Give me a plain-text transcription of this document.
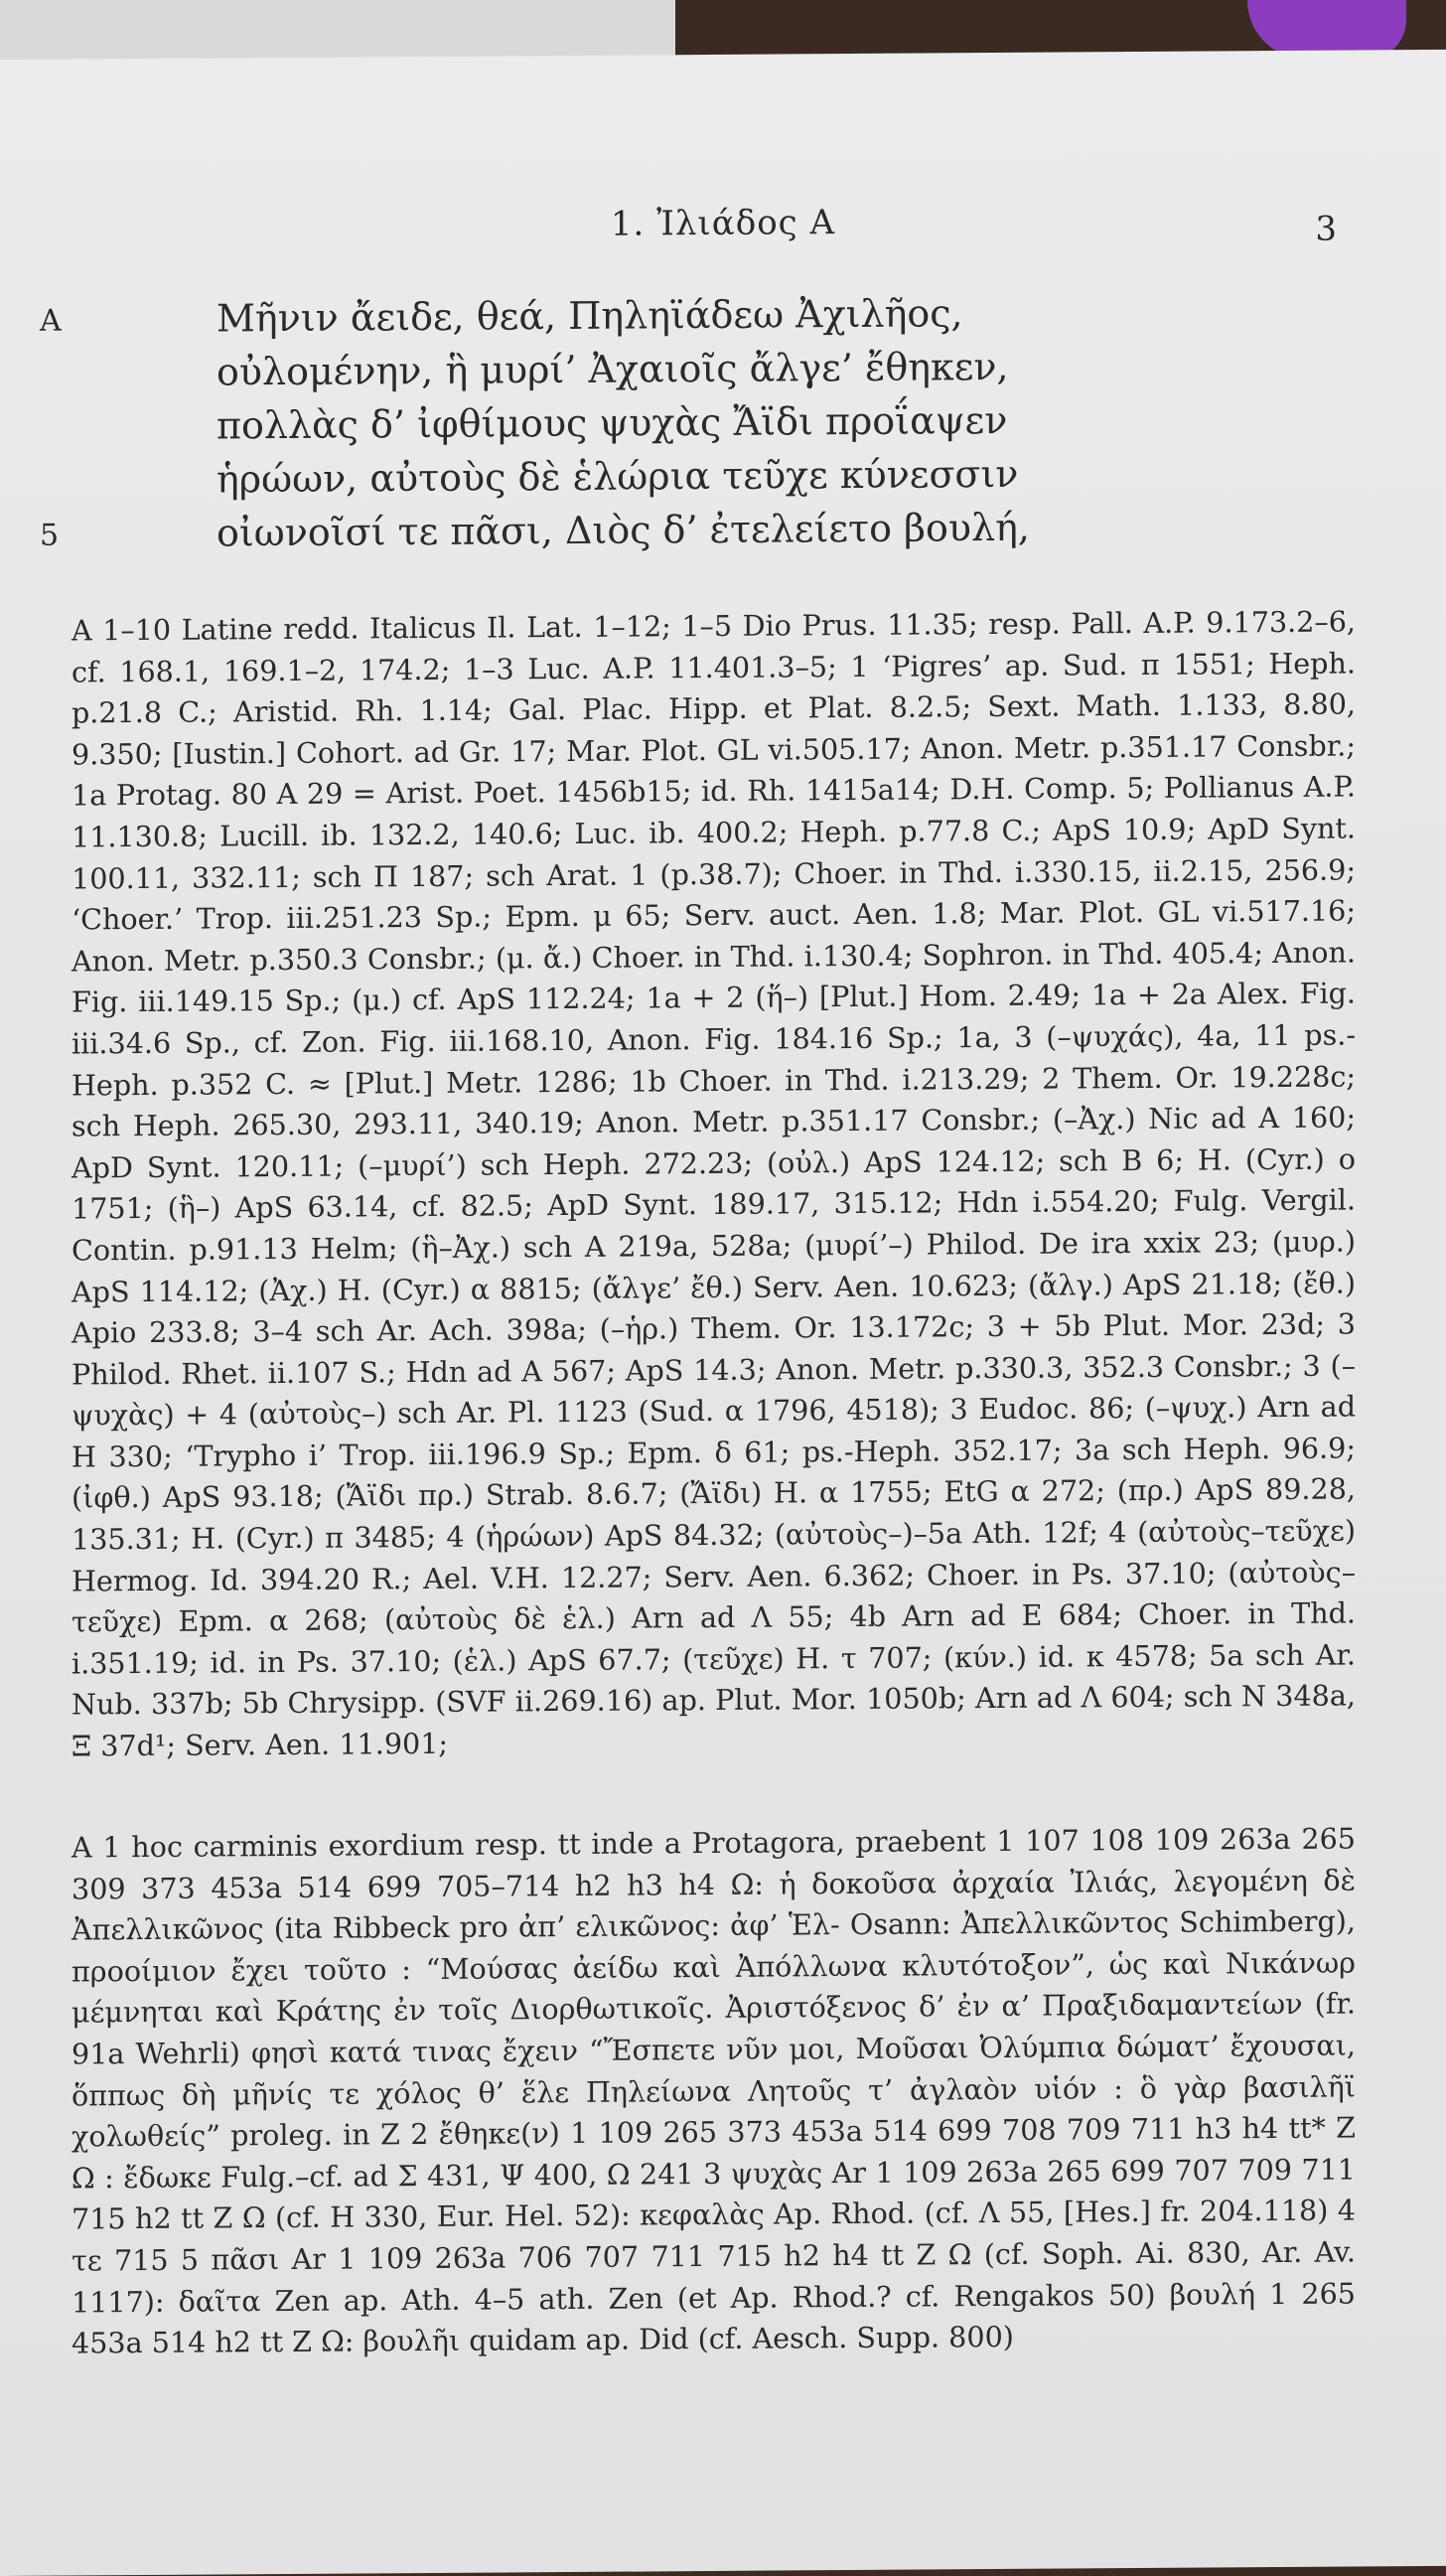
1. Ἰλιάδος Α	3
A	Μῆνιν ἄειδε, θεά, Πηληϊάδεω Ἀχιλῆος,
οὐλομένην, ἣ μυρί’ Ἀχαιοῖς ἄλγε’ ἔθηκεν,
πολλὰς δ’ ἰφθίμους ψυχὰς Ἄϊδι προΐαψεν
ἡρώων, αὐτοὺς δὲ ἑλώρια τεῦχε κύνεσσιν
5	οἰωνοῖσί τε πᾶσι, Διὸς δ’ ἐτελείετο βουλή,

A 1–10 Latine redd. Italicus Il. Lat. 1–12; 1–5 Dio Prus. 11.35; resp. Pall. A.P. 9.173.2–6, cf. 168.1, 169.1–2, 174.2; 1–3 Luc. A.P. 11.401.3–5; 1 ‘Pigres’ ap. Sud. π 1551; Heph. p.21.8 C.; Aristid. Rh. 1.14; Gal. Plac. Hipp. et Plat. 8.2.5; Sext. Math. 1.133, 8.80, 9.350; [Iustin.] Cohort. ad Gr. 17; Mar. Plot. GL vi.505.17; Anon. Metr. p.351.17 Consbr.; 1a Protag. 80 A 29 = Arist. Poet. 1456b15; id. Rh. 1415a14; D.H. Comp. 5; Pollianus A.P. 11.130.8; Lucill. ib. 132.2, 140.6; Luc. ib. 400.2; Heph. p.77.8 C.; ApS 10.9; ApD Synt. 100.11, 332.11; sch Π 187; sch Arat. 1 (p.38.7); Choer. in Thd. i.330.15, ii.2.15, 256.9; ‘Choer.’ Trop. iii.251.23 Sp.; Epm. μ 65; Serv. auct. Aen. 1.8; Mar. Plot. GL vi.517.16; Anon. Metr. p.350.3 Consbr.; (μ. ἄ.) Choer. in Thd. i.130.4; Sophron. in Thd. 405.4; Anon. Fig. iii.149.15 Sp.; (μ.) cf. ApS 112.24; 1a + 2 (ἥ–) [Plut.] Hom. 2.49; 1a + 2a Alex. Fig. iii.34.6 Sp., cf. Zon. Fig. iii.168.10, Anon. Fig. 184.16 Sp.; 1a, 3 (–ψυχάς), 4a, 11 ps.-Heph. p.352 C. ≈ [Plut.] Metr. 1286; 1b Choer. in Thd. i.213.29; 2 Them. Or. 19.228c; sch Heph. 265.30, 293.11, 340.19; Anon. Metr. p.351.17 Consbr.; (–Ἀχ.) Nic ad A 160; ApD Synt. 120.11; (–μυρί’) sch Heph. 272.23; (οὐλ.) ApS 124.12; sch B 6; H. (Cyr.) ο 1751; (ἣ–) ApS 63.14, cf. 82.5; ApD Synt. 189.17, 315.12; Hdn i.554.20; Fulg. Vergil. Contin. p.91.13 Helm; (ἣ–Ἀχ.) sch A 219a, 528a; (μυρί’–) Philod. De ira xxix 23; (μυρ.) ApS 114.12; (Ἀχ.) H. (Cyr.) α 8815; (ἄλγε’ ἔθ.) Serv. Aen. 10.623; (ἄλγ.) ApS 21.18; (ἔθ.) Apio 233.8; 3–4 sch Ar. Ach. 398a; (–ἡρ.) Them. Or. 13.172c; 3 + 5b Plut. Mor. 23d; 3 Philod. Rhet. ii.107 S.; Hdn ad A 567; ApS 14.3; Anon. Metr. p.330.3, 352.3 Consbr.; 3 (–ψυχὰς) + 4 (αὐτοὺς–) sch Ar. Pl. 1123 (Sud. α 1796, 4518); 3 Eudoc. 86; (–ψυχ.) Arn ad H 330; ‘Trypho i’ Trop. iii.196.9 Sp.; Epm. δ 61; ps.-Heph. 352.17; 3a sch Heph. 96.9; (ἰφθ.) ApS 93.18; (Ἄϊδι πρ.) Strab. 8.6.7; (Ἄϊδι) H. α 1755; EtG α 272; (πρ.) ApS 89.28, 135.31; H. (Cyr.) π 3485; 4 (ἡρώων) ApS 84.32; (αὐτοὺς–)–5a Ath. 12f; 4 (αὐτοὺς–τεῦχε) Hermog. Id. 394.20 R.; Ael. V.H. 12.27; Serv. Aen. 6.362; Choer. in Ps. 37.10; (αὐτοὺς–τεῦχε) Epm. α 268; (αὐτοὺς δὲ ἑλ.) Arn ad Λ 55; 4b Arn ad E 684; Choer. in Thd. i.351.19; id. in Ps. 37.10; (ἑλ.) ApS 67.7; (τεῦχε) H. τ 707; (κύν.) id. κ 4578; 5a sch Ar. Nub. 337b; 5b Chrysipp. (SVF ii.269.16) ap. Plut. Mor. 1050b; Arn ad Λ 604; sch N 348a, Ξ 37d¹; Serv. Aen. 11.901;

A 1 hoc carminis exordium resp. tt inde a Protagora, praebent 1 107 108 109 263a 265 309 373 453a 514 699 705–714 h2 h3 h4 Ω: ἡ δοκοῦσα ἀρχαία Ἰλιάς, λεγομένη δὲ Ἀπελλικῶνος (ita Ribbeck pro ἀπ’ ελικῶνος: ἀφ’ Ἑλ- Osann: Ἀπελλικῶντος Schimberg), προοίμιον ἔχει τοῦτο : “Μούσας ἀείδω καὶ Ἀπόλλωνα κλυτότοξον”, ὡς καὶ Νικάνωρ μέμνηται καὶ Κράτης ἐν τοῖς Διορθωτικοῖς. Ἀριστόξενος δ’ ἐν α’ Πραξιδαμαντείων (fr. 91a Wehrli) φησὶ κατά τινας ἔχειν “Ἔσπετε νῦν μοι, Μοῦσαι Ὀλύμπια δώματ’ ἔχουσαι, ὅππως δὴ μῆνίς τε χόλος θ’ ἕλε Πηλείωνα Λητοῦς τ’ ἀγλαὸν υἱόν : ὃ γὰρ βασιλῆϊ χολωθείς” proleg. in Z 2 ἔθηκε(ν) 1 109 265 373 453a 514 699 708 709 711 h3 h4 tt* Z Ω : ἔδωκε Fulg.–cf. ad Σ 431, Ψ 400, Ω 241 3 ψυχὰς Ar 1 109 263a 265 699 707 709 711 715 h2 tt Z Ω (cf. H 330, Eur. Hel. 52): κεφαλὰς Ap. Rhod. (cf. Λ 55, [Hes.] fr. 204.118) 4 τε 715 5 πᾶσι Ar 1 109 263a 706 707 711 715 h2 h4 tt Z Ω (cf. Soph. Ai. 830, Ar. Av. 1117): δαῖτα Zen ap. Ath. 4–5 ath. Zen (et Ap. Rhod.? cf. Rengakos 50) βουλή 1 265 453a 514 h2 tt Z Ω: βουλῆι quidam ap. Did (cf. Aesch. Supp. 800)
